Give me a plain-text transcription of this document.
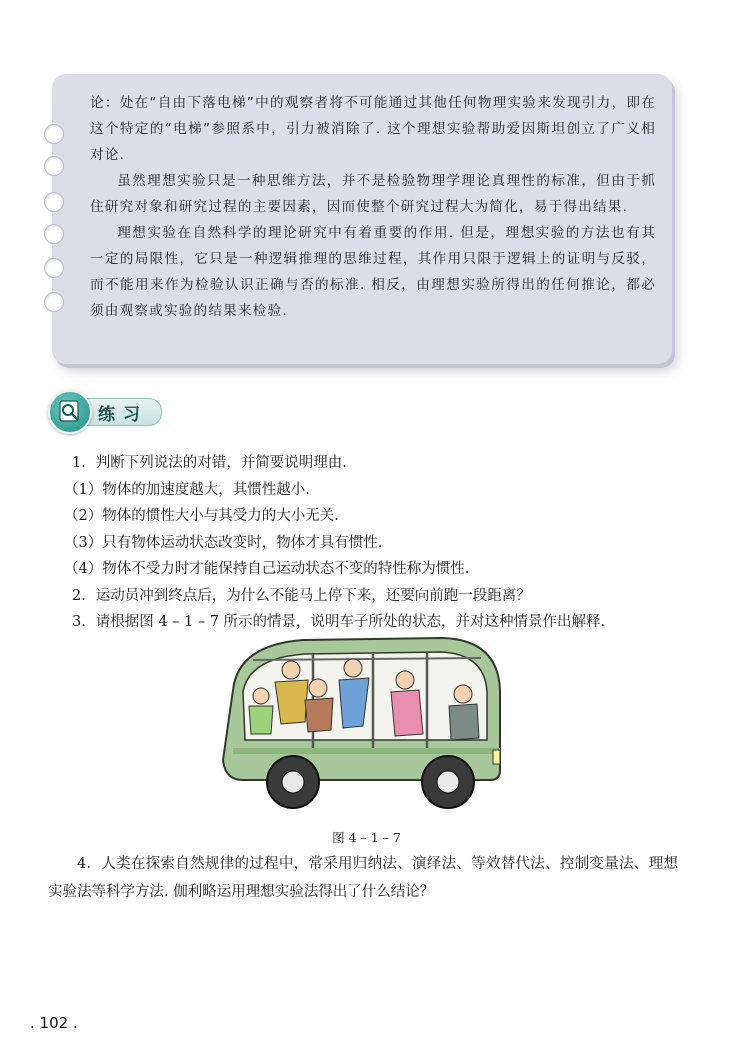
论：处在“自由下落电梯”中的观察者将不可能通过其他任何物理实验来发现引力，即在这个特定的“电梯”参照系中，引力被消除了. 这个理想实验帮助爱因斯坦创立了广义相对论.

虽然理想实验只是一种思维方法，并不是检验物理学理论真理性的标准，但由于抓住研究对象和研究过程的主要因素，因而使整个研究过程大为简化，易于得出结果.

理想实验在自然科学的理论研究中有着重要的作用. 但是，理想实验的方法也有其一定的局限性，它只是一种逻辑推理的思维过程，其作用只限于逻辑上的证明与反驳，而不能用来作为检验认识正确与否的标准. 相反，由理想实验所得出的任何推论，都必须由观察或实验的结果来检验.

练习
1．判断下列说法的对错，并简要说明理由.
（1）物体的加速度越大，其惯性越小.
（2）物体的惯性大小与其受力的大小无关.
（3）只有物体运动状态改变时，物体才具有惯性.
（4）物体不受力时才能保持自己运动状态不变的特性称为惯性.
2．运动员冲到终点后，为什么不能马上停下来，还要向前跑一段距离？
3．请根据图 4 – 1 – 7 所示的情景，说明车子所处的状态，并对这种情景作出解释.
图 4 – 1 – 7

4．人类在探索自然规律的过程中，常采用归纳法、演绎法、等效替代法、控制变量法、理想实验法等科学方法. 伽利略运用理想实验法得出了什么结论？

. 102 .
